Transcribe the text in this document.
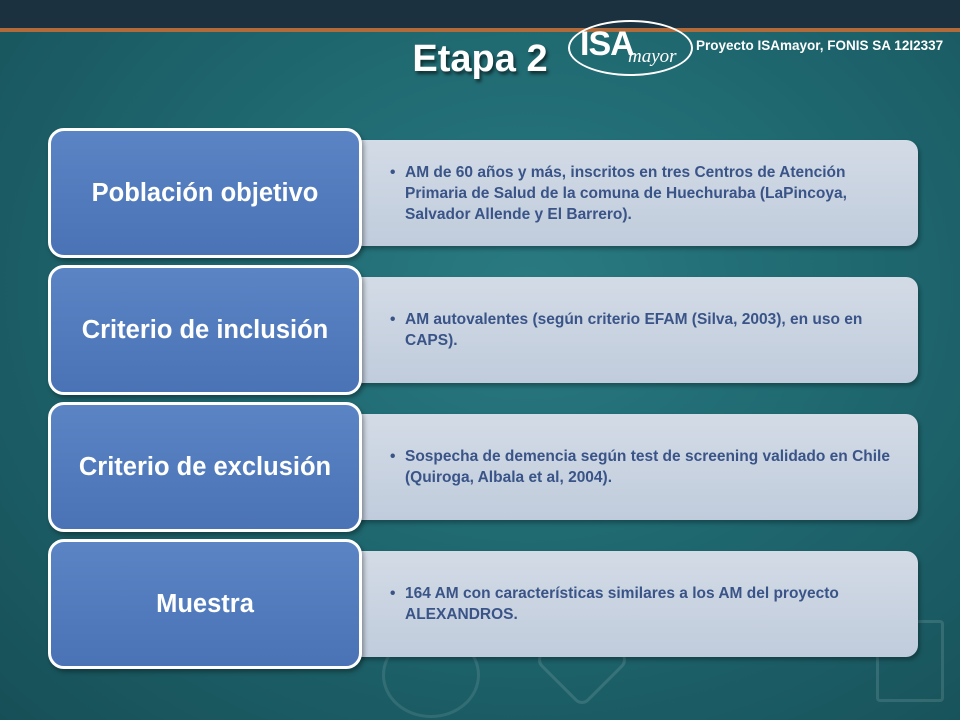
Etapa 2 ISA
mayor
Proyecto ISAmayor, FONIS SA 12I2337
• AM de 60 años y más, inscritos en tres Centros de Atención Primaria de Salud de la comuna de Huechuraba (LaPincoya, Salvador Allende y El Barrero).
Población objetivo
• AM autovalentes (según criterio EFAM (Silva, 2003), en uso en CAPS).
Criterio de inclusión
• Sospecha de demencia según test de screening validado en Chile (Quiroga, Albala et al, 2004).
Criterio de exclusión
• 164 AM con características similares a los AM del proyecto ALEXANDROS.
Muestra
